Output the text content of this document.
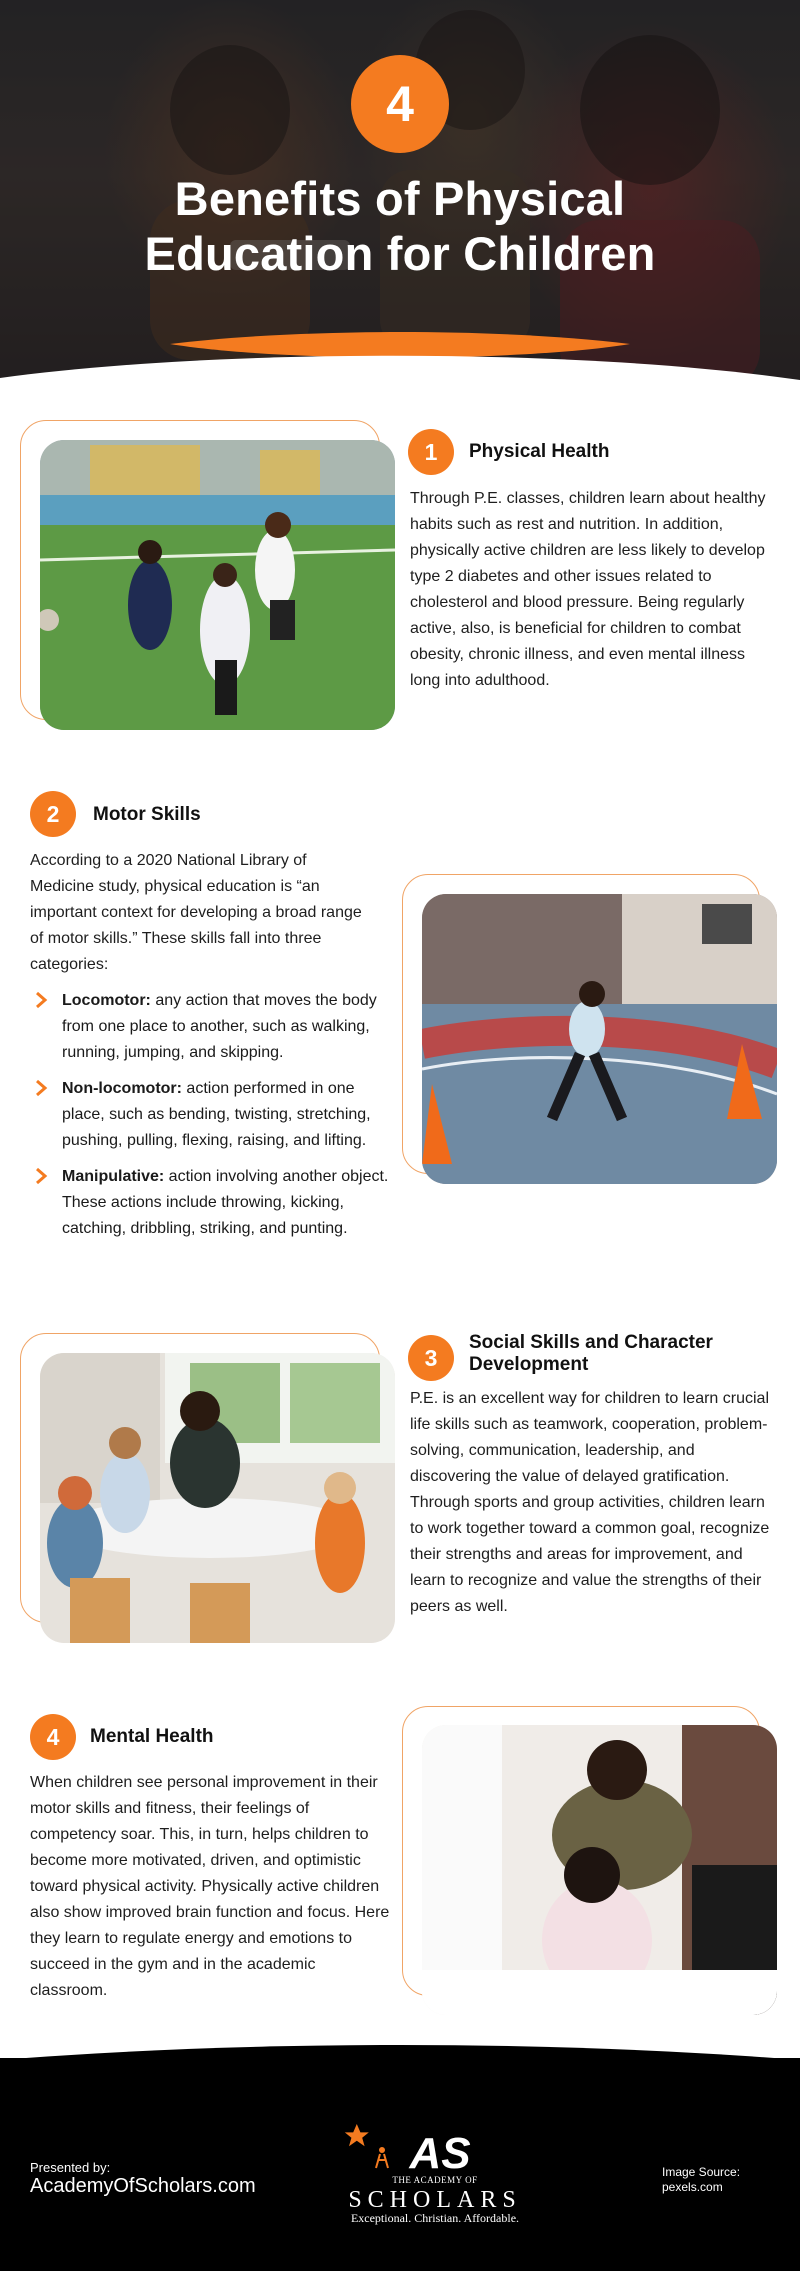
4
Benefits of Physical
Education for Children
1	Physical Health
Through P.E. classes, children learn about healthy habits such as rest and nutrition. In addition, physically active children are less likely to develop type 2 diabetes and other issues related to cholesterol and blood pressure. Being regularly active, also, is beneficial for children to combat obesity, chronic illness, and even mental illness long into adulthood.
2	Motor Skills
According to a 2020 National Library of Medicine study, physical education is “an important context for developing a broad range of motor skills.” These skills fall into three categories:
Locomotor: any action that moves the body from one place to another, such as walking, running, jumping, and skipping.
Non-locomotor: action performed in one place, such as bending, twisting, stretching, pushing, pulling, flexing, raising, and lifting.
Manipulative: action involving another object. These actions include throwing, kicking, catching, dribbling, striking, and punting.
3
Social Skills and Character
Development
P.E. is an excellent way for children to learn crucial life skills such as teamwork, cooperation, problem-solving, communication, leadership, and discovering the value of delayed gratification. Through sports and group activities, children learn to work together toward a common goal, recognize their strengths and areas for improvement, and learn to recognize and value the strengths of their peers as well.
4	Mental Health
When children see personal improvement in their motor skills and fitness, their feelings of competency soar. This, in turn, helps children to become more motivated, driven, and optimistic toward physical activity. Physically active children also show improved brain function and focus. Here they learn to regulate energy and emotions to succeed in the gym and in the academic classroom.
Presented by:
AcademyOfScholars.com
AS
THE ACADEMY OF
SCHOLARS
Exceptional. Christian. Affordable.
Image Source:
pexels.com
